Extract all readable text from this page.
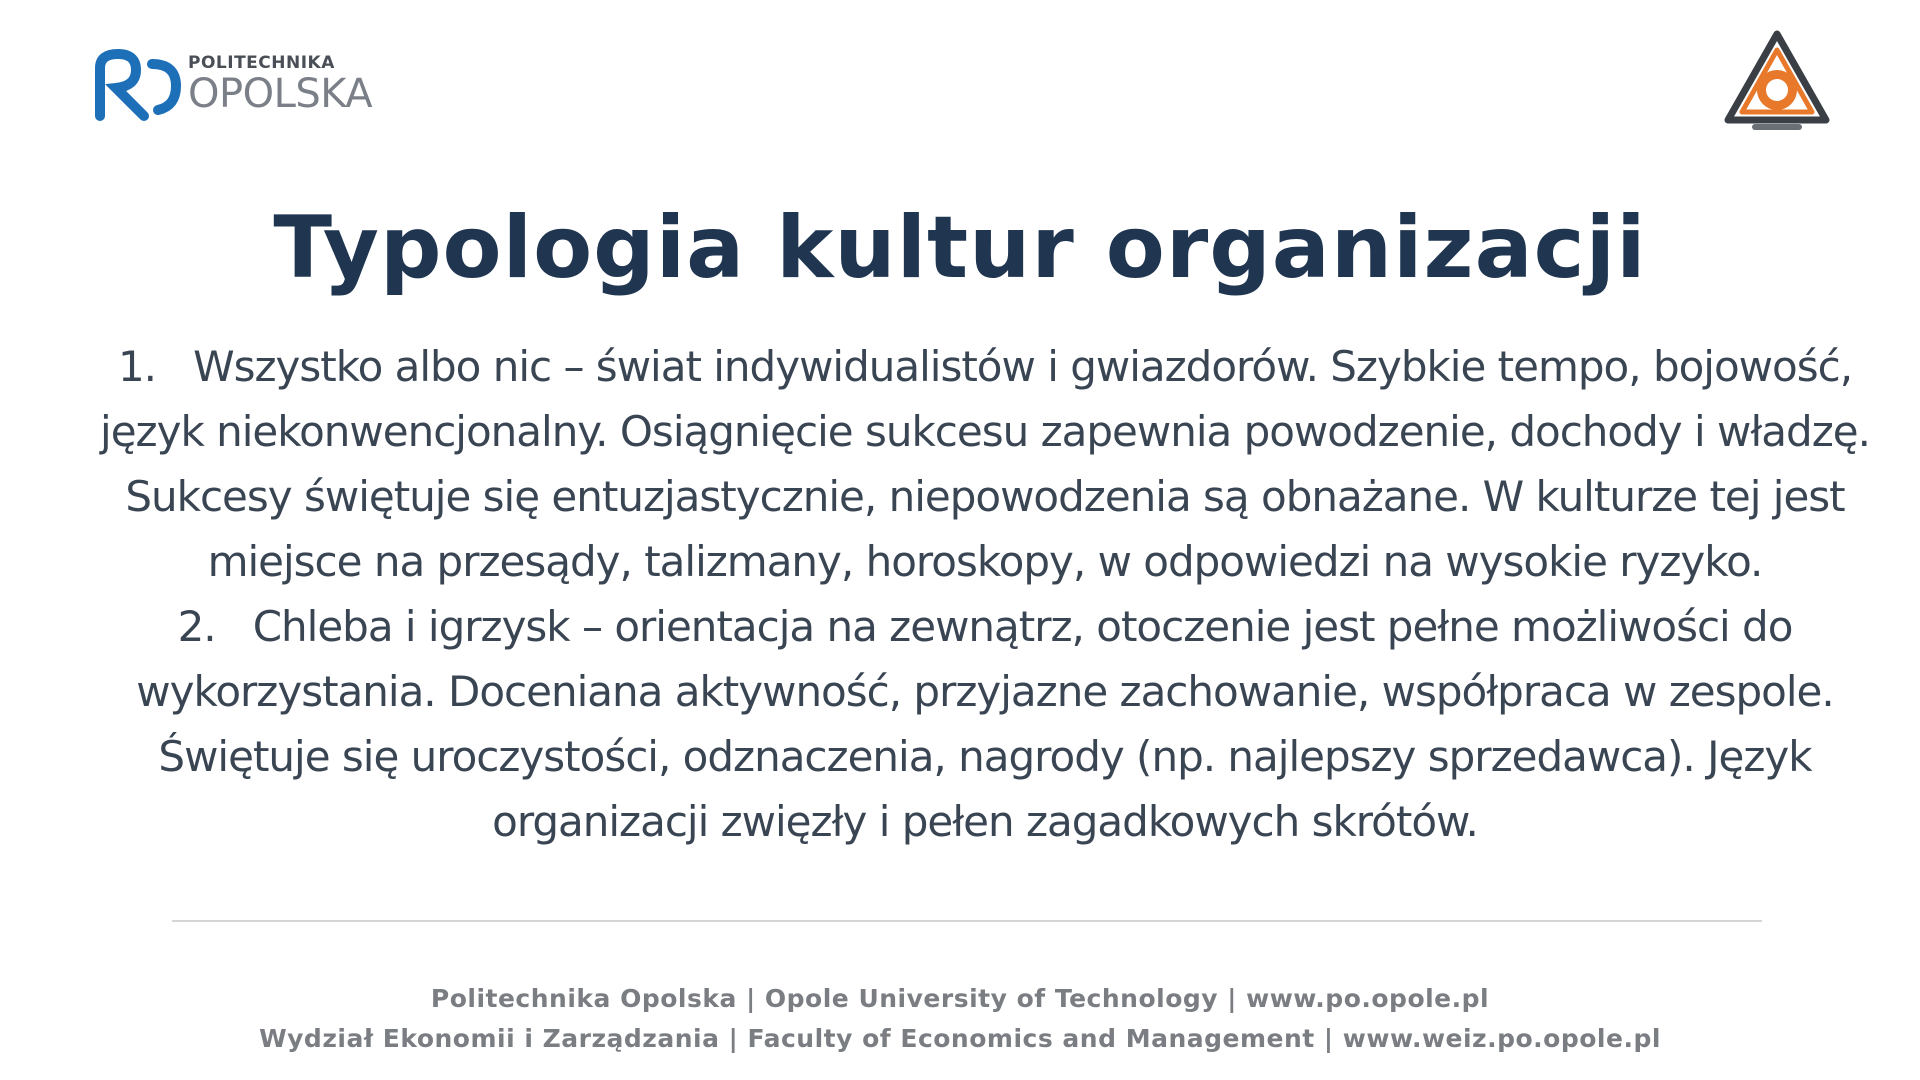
POLITECHNIKA
OPOLSKA
Typologia kultur organizacji
1. Wszystko albo nic – świat indywidualistów i gwiazdorów. Szybkie tempo, bojowość, język niekonwencjonalny. Osiągnięcie sukcesu zapewnia powodzenie, dochody i władzę. Sukcesy świętuje się entuzjastycznie, niepowodzenia są obnażane. W kulturze tej jest miejsce na przesądy, talizmany, horoskopy, w odpowiedzi na wysokie ryzyko.
2. Chleba i igrzysk – orientacja na zewnątrz, otoczenie jest pełne możliwości do wykorzystania. Doceniana aktywność, przyjazne zachowanie, współpraca w zespole. Świętuje się uroczystości, odznaczenia, nagrody (np. najlepszy sprzedawca). Język organizacji zwięzły i pełen zagadkowych skrótów.
Politechnika Opolska | Opole University of Technology | www.po.opole.pl
Wydział Ekonomii i Zarządzania | Faculty of Economics and Management | www.weiz.po.opole.pl
